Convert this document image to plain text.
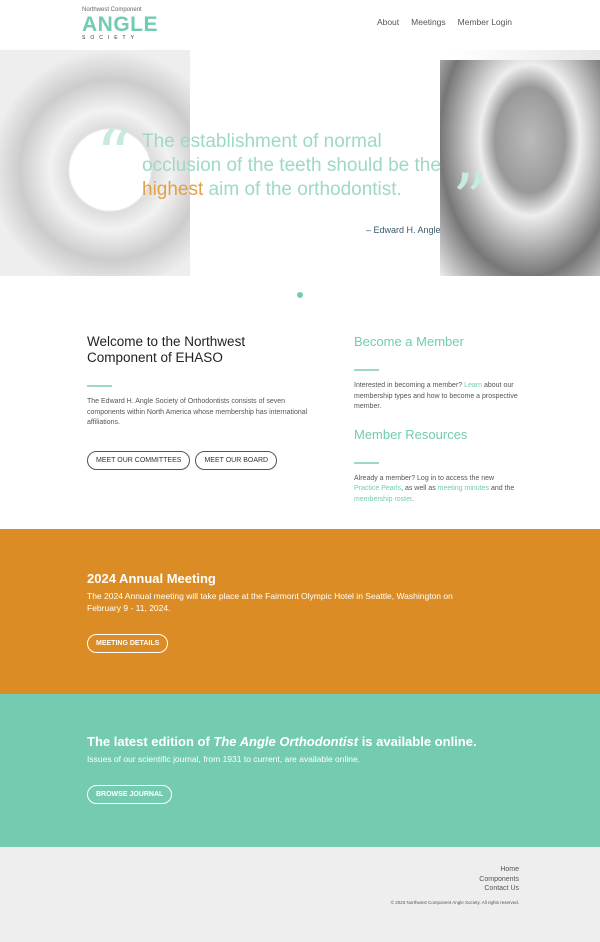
Northwest Component
ANGLE
SOCIETY
About Meetings Member Login
“
”
The establishment of normal occlusion of the teeth should be the highest aim of the orthodontist.
– Edward H. Angle
Welcome to the Northwest Component of EHASO

The Edward H. Angle Society of Orthodontists consists of seven components within North America whose membership has international affiliations.

MEET OUR COMMITTEES	MEET OUR BOARD
Become a Member

Interested in becoming a member? Learn about our membership types and how to become a prospective member.

Member Resources

Already a member? Log in to access the new Practice Pearls, as well as meeting minutes and the membership roster.

2024 Annual Meeting

The 2024 Annual meeting will take place at the Fairmont Olympic Hotel in Seattle, Washington on February 9 - 11, 2024.

MEETING DETAILS
The latest edition of The Angle Orthodontist is available online.

Issues of our scientific journal, from 1931 to current, are available online.

BROWSE JOURNAL
Home
Components
Contact Us
© 2023 Northwest Component Angle Society. All rights reserved.
